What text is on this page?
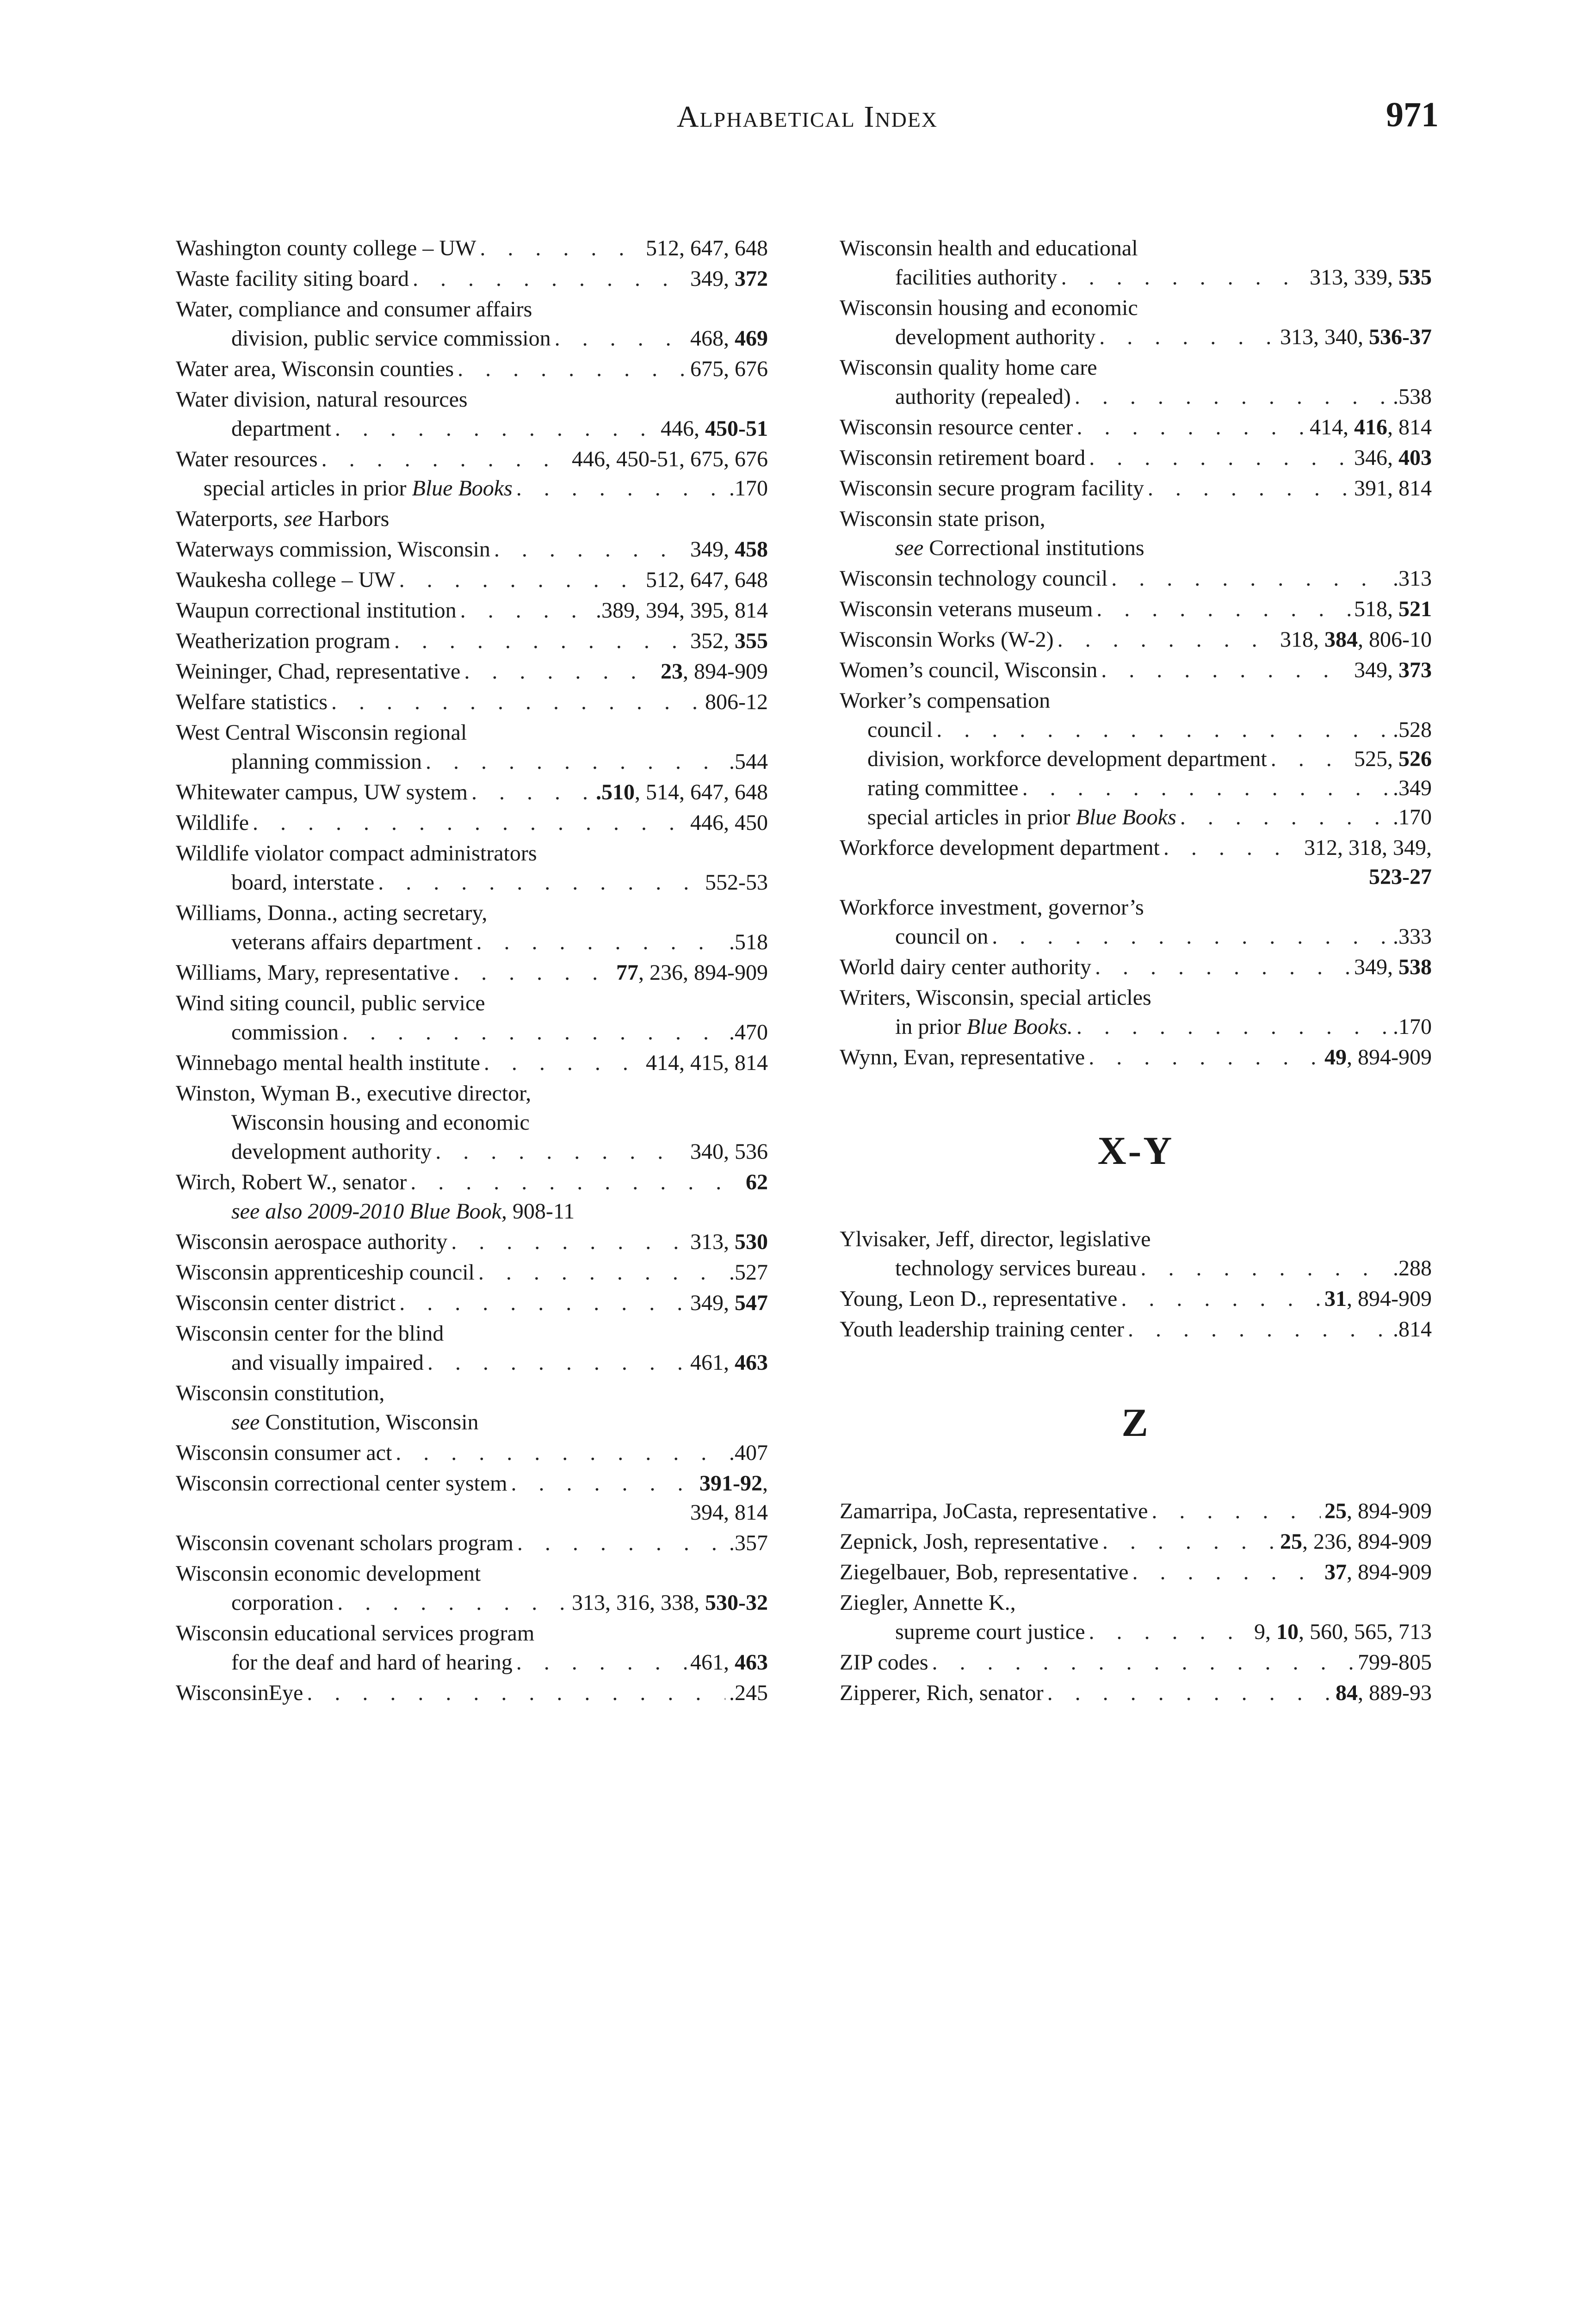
Alphabetical Index	971
Washington county college – UW . . .	512, 647, 648
Waste facility siting board . . .	349, 372
Water, compliance and consumer affairs
division, public service commission . . .	468, 469
Water area, Wisconsin counties . . .	675, 676
Water division, natural resources
department . . .	446, 450-51
Water resources . . .	446, 450-51, 675, 676
special articles in prior Blue Books . . .	.170
Waterports, see Harbors
Waterways commission, Wisconsin . . .	349, 458
Waukesha college – UW . . .	512, 647, 648
Waupun correctional institution . . .	.389, 394, 395, 814
Weatherization program . . .	352, 355
Weininger, Chad, representative . . .	23, 894-909
Welfare statistics . . .	806-12
West Central Wisconsin regional
planning commission . . .	.544
Whitewater campus, UW system . . .	.510, 514, 647, 648
Wildlife . . .	446, 450
Wildlife violator compact administrators
board, interstate . . .	552-53
Williams, Donna., acting secretary,
veterans affairs department . . .	.518
Williams, Mary, representative . . .	77, 236, 894-909
Wind siting council, public service
commission . . .	.470
Winnebago mental health institute . . .	414, 415, 814
Winston, Wyman B., executive director,
Wisconsin housing and economic
development authority . . .	340, 536
Wirch, Robert W., senator . . .	62
see also 2009-2010 Blue Book, 908-11
Wisconsin aerospace authority . . .	313, 530
Wisconsin apprenticeship council . . .	.527
Wisconsin center district . . .	349, 547
Wisconsin center for the blind
and visually impaired . . .	461, 463
Wisconsin constitution,
see Constitution, Wisconsin
Wisconsin consumer act . . .	.407
Wisconsin correctional center system . . .	391-92,
394, 814
Wisconsin covenant scholars program . . .	.357
Wisconsin economic development
corporation . . .	313, 316, 338, 530-32
Wisconsin educational services program
for the deaf and hard of hearing . . .	461, 463
WisconsinEye . . .	.245
Wisconsin health and educational
facilities authority . . .	313, 339, 535
Wisconsin housing and economic
development authority . . .	313, 340, 536-37
Wisconsin quality home care
authority (repealed) . . .	.538
Wisconsin resource center . . .	414, 416, 814
Wisconsin retirement board . . .	346, 403
Wisconsin secure program facility . . .	391, 814
Wisconsin state prison,
see Correctional institutions
Wisconsin technology council . . .	.313
Wisconsin veterans museum . . .	518, 521
Wisconsin Works (W-2) . . .	318, 384, 806-10
Women’s council, Wisconsin . . .	349, 373
Worker’s compensation
council . . .	.528
division, workforce development department . . .	525, 526
rating committee . . .	.349
special articles in prior Blue Books . . .	.170
Workforce development department . . .	312, 318, 349,
523-27
Workforce investment, governor’s
council on . . .	.333
World dairy center authority . . .	349, 538
Writers, Wisconsin, special articles
in prior Blue Books. . . .	.170
Wynn, Evan, representative . . .	49, 894-909
X-Y
Ylvisaker, Jeff, director, legislative
technology services bureau . . .	.288
Young, Leon D., representative . . .	31, 894-909
Youth leadership training center . . .	.814
Z
Zamarripa, JoCasta, representative . . .	25, 894-909
Zepnick, Josh, representative . . .	25, 236, 894-909
Ziegelbauer, Bob, representative . . .	37, 894-909
Ziegler, Annette K.,
supreme court justice . . .	9, 10, 560, 565, 713
ZIP codes . . .	799-805
Zipperer, Rich, senator . . .	84, 889-93
